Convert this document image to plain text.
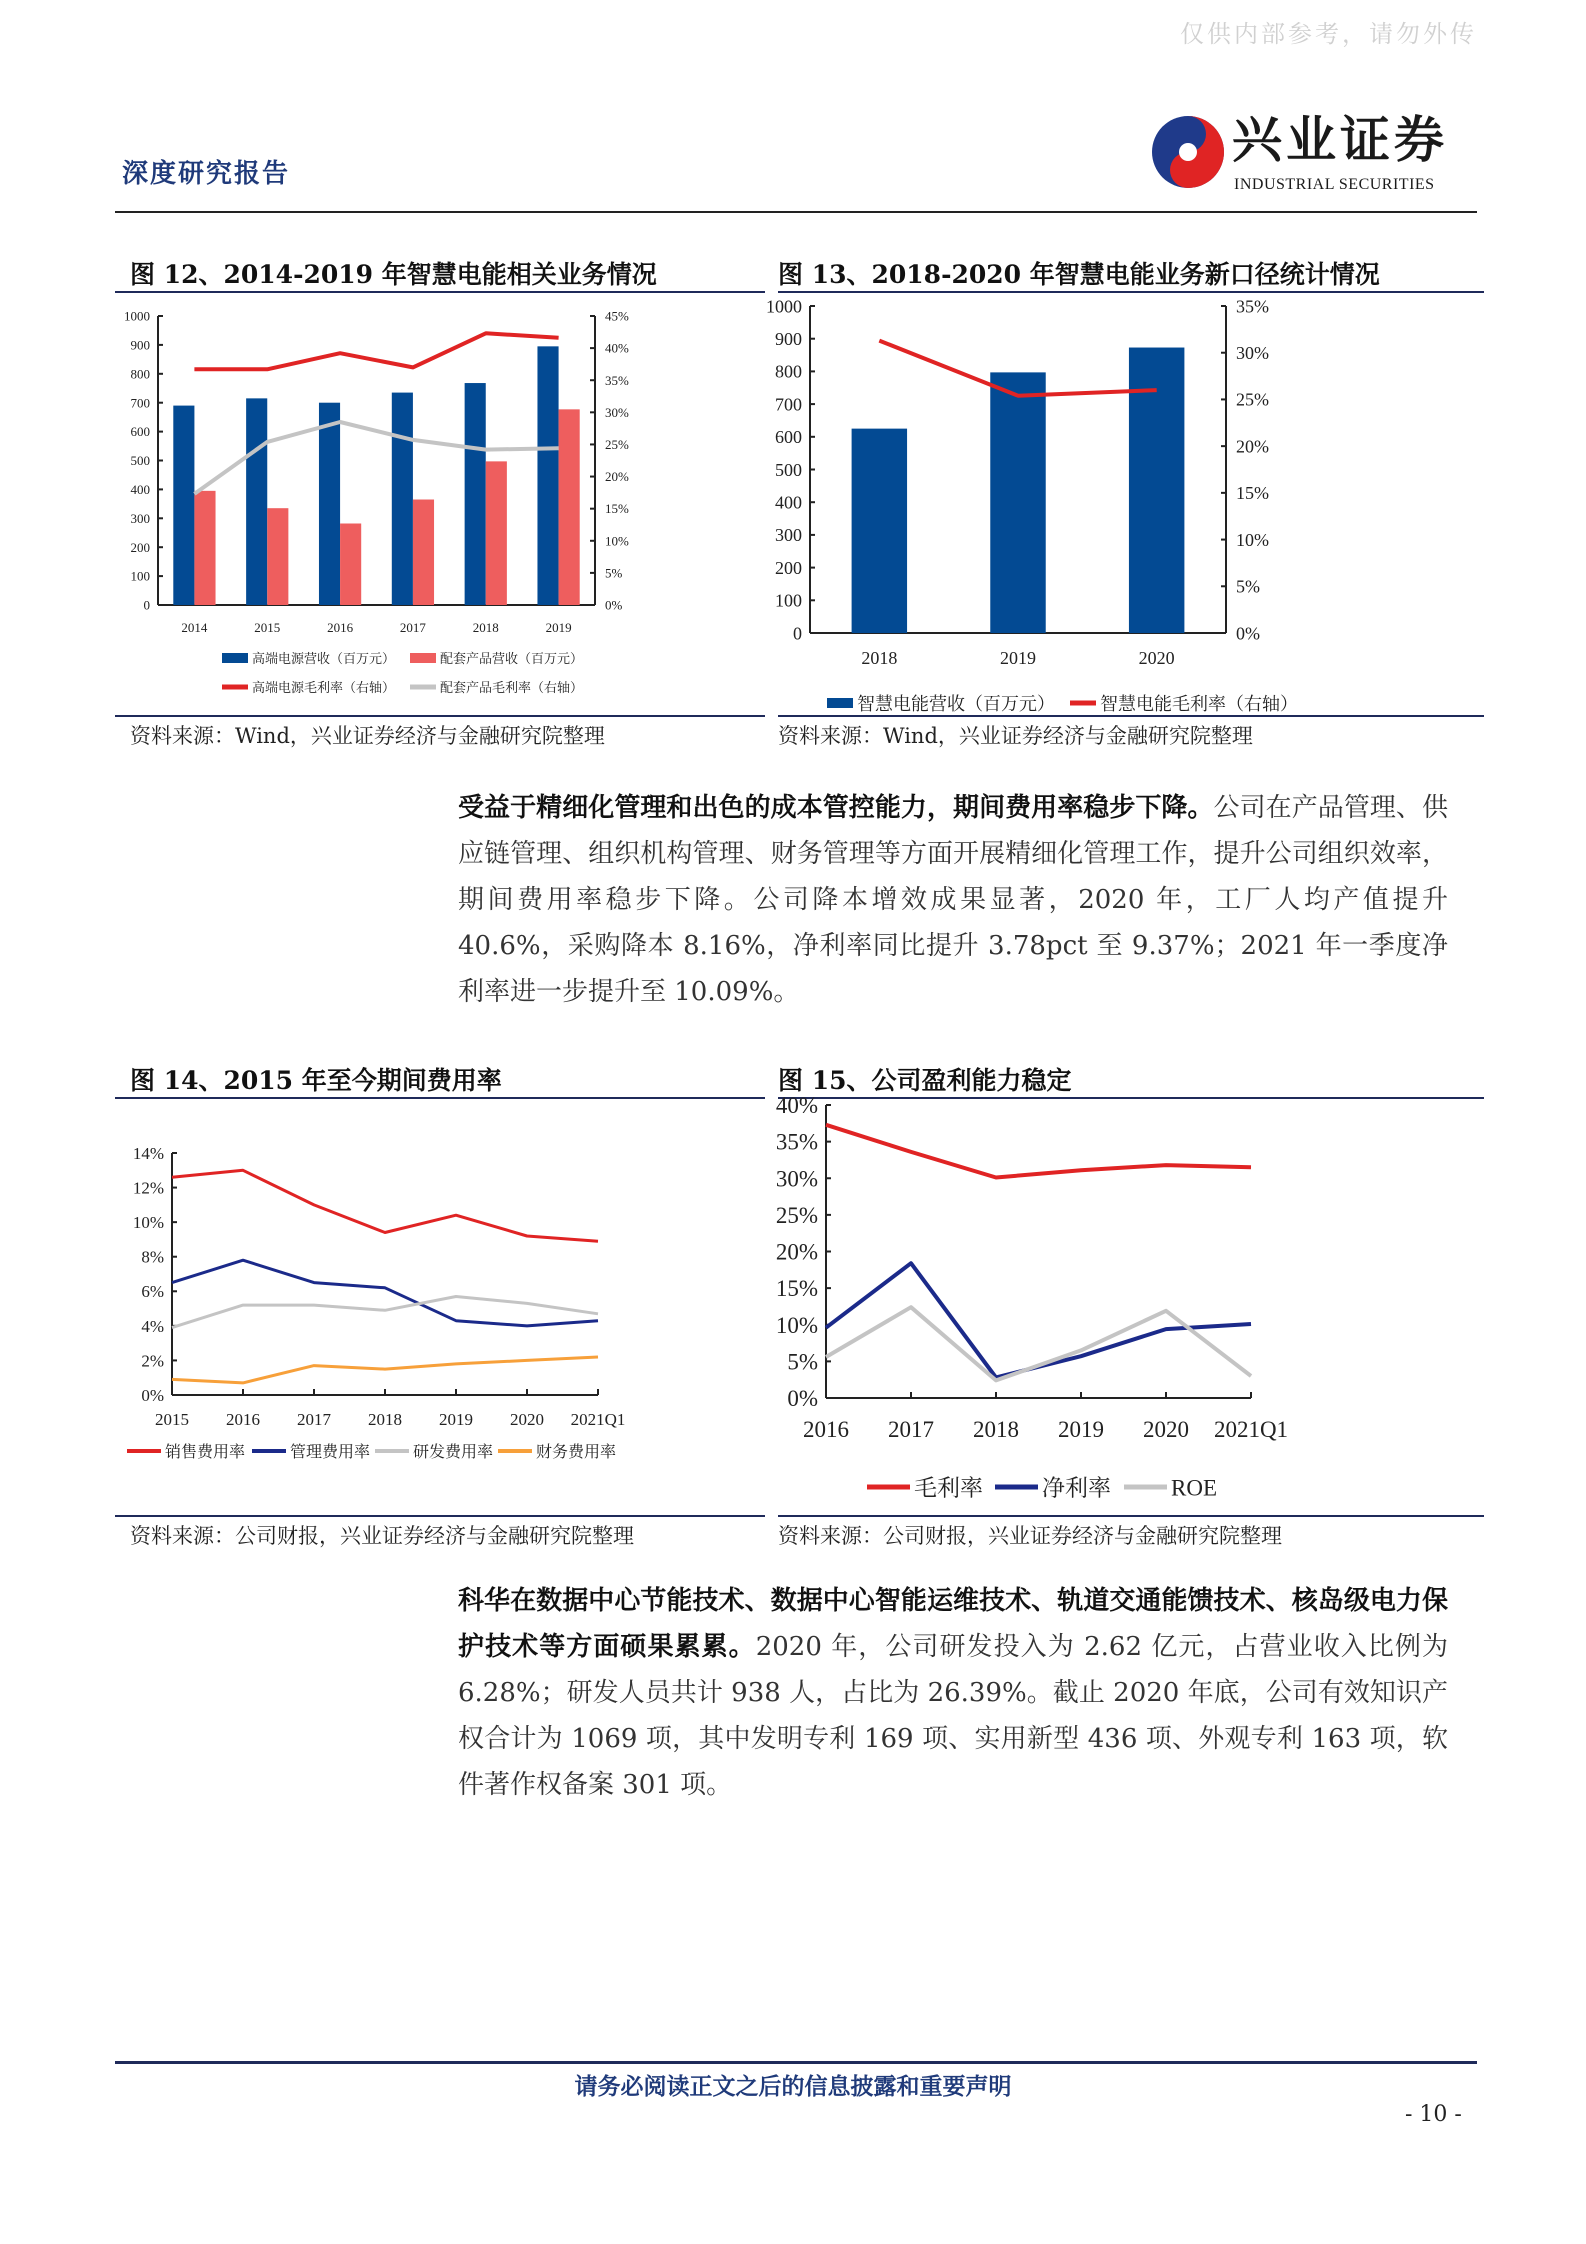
仅供内部参考，请勿外传
深度研究报告
兴业证券
INDUSTRIAL SECURITIES
图 12、2014-2019 年智慧电能相关业务情况	图 13、2018-2020 年智慧电能业务新口径统计情况
资料来源：Wind，兴业证券经济与金融研究院整理	资料来源：Wind，兴业证券经济与金融研究院整理
受益于精细化管理和出色的成本管控能力，期间费用率稳步下降。公司在产品管理、供应链管理、组织机构管理、财务管理等方面开展精细化管理工作，提升公司组织效率，期间费用率稳步下降。公司降本增效成果显著，2020 年，工厂人均产值提升 40.6%，采购降本 8.16%，净利率同比提升 3.78pct 至 9.37%；2021 年一季度净利率进一步提升至 10.09%。
图 14、2015 年至今期间费用率	图 15、公司盈利能力稳定
资料来源：公司财报，兴业证券经济与金融研究院整理	资料来源：公司财报，兴业证券经济与金融研究院整理
科华在数据中心节能技术、数据中心智能运维技术、轨道交通能馈技术、核岛级电力保护技术等方面硕果累累。2020 年，公司研发投入为 2.62 亿元，占营业收入比例为 6.28%；研发人员共计 938 人，占比为 26.39%。截止 2020 年底，公司有效知识产权合计为 1069 项，其中发明专利 169 项、实用新型 436 项、外观专利 163 项，软件著作权备案 301 项。
请务必阅读正文之后的信息披露和重要声明
- 10 -
0
100
200
300
400
500
600
700
800
900
1000
0%
5%
10%
15%
20%
25%
30%
35%
40%
45%
2014	2015	2016	2017	2018	2019
高端电源营收（百万元）	配套产品营收（百万元）
高端电源毛利率（右轴）	配套产品毛利率（右轴）
0
100
200
300
400
500
600
700
800
900
1000
0%
5%
10%
15%
20%
25%
30%
35%
2018	2019	2020
智慧电能营收（百万元）	智慧电能毛利率（右轴）
0%
2%
4%
6%
8%
10%
12%
14%
2015 2016 2017 2018 2019 2020 2021Q1
销售费用率	管理费用率	研发费用率	财务费用率
0%
5%
10%
15%
20%
25%
30%
35%
40%
2016 2017 2018 2019 2020 2021Q1
毛利率	净利率	ROE
